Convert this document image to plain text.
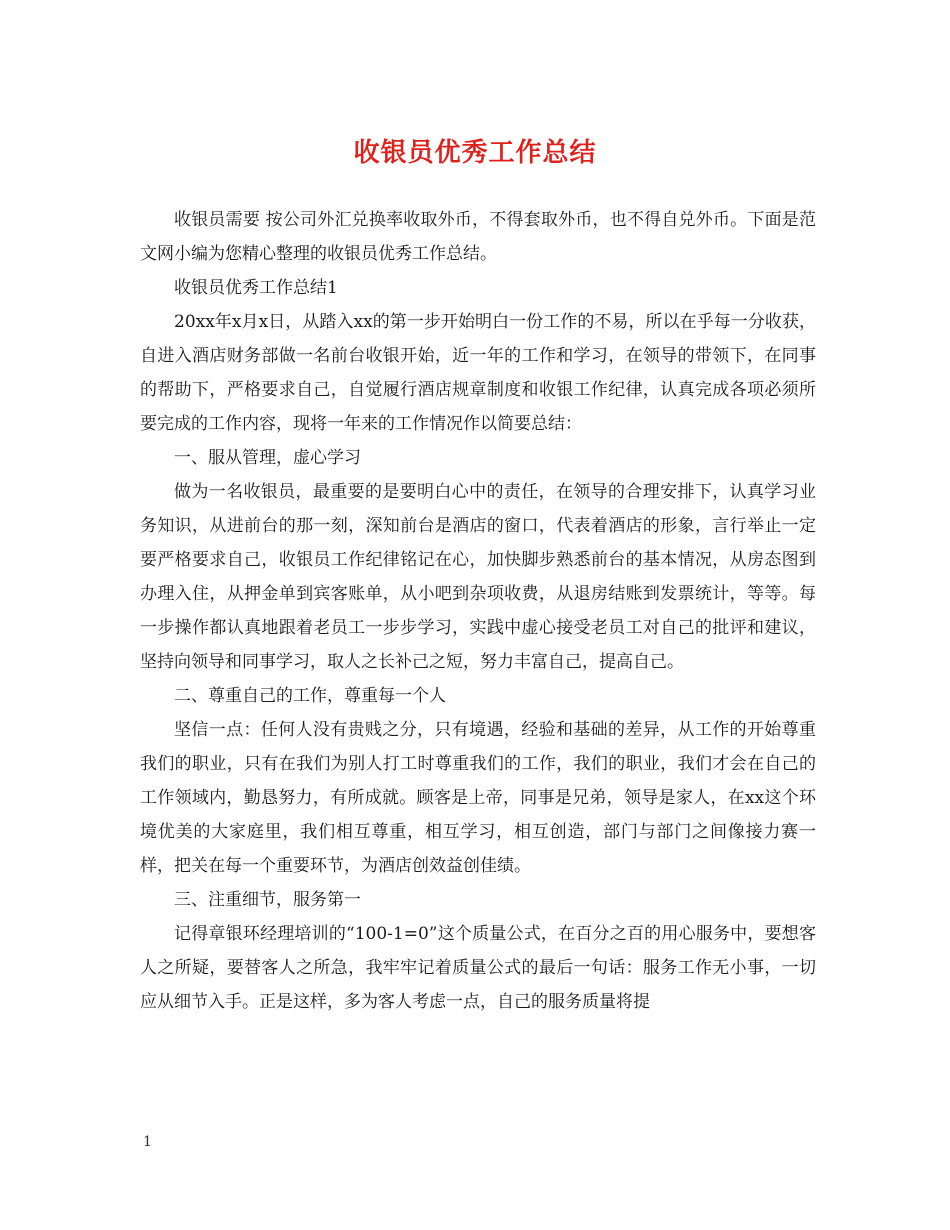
收银员优秀工作总结

收银员需要 按公司外汇兑换率收取外币，不得套取外币，也不得自兑外币。下面是范文网小编为您精心整理的收银员优秀工作总结。

收银员优秀工作总结1

20xx年x月x日，从踏入xx的第一步开始明白一份工作的不易，所以在乎每一分收获，自进入酒店财务部做一名前台收银开始，近一年的工作和学习，在领导的带领下，在同事的帮助下，严格要求自己，自觉履行酒店规章制度和收银工作纪律，认真完成各项必须所要完成的工作内容，现将一年来的工作情况作以简要总结：

一、服从管理，虚心学习

做为一名收银员，最重要的是要明白心中的责任，在领导的合理安排下，认真学习业务知识，从进前台的那一刻，深知前台是酒店的窗口，代表着酒店的形象，言行举止一定要严格要求自己，收银员工作纪律铭记在心，加快脚步熟悉前台的基本情况，从房态图到办理入住，从押金单到宾客账单，从小吧到杂项收费，从退房结账到发票统计，等等。每一步操作都认真地跟着老员工一步步学习，实践中虚心接受老员工对自己的批评和建议，坚持向领导和同事学习，取人之长补己之短，努力丰富自己，提高自己。

二、尊重自己的工作，尊重每一个人

坚信一点：任何人没有贵贱之分，只有境遇，经验和基础的差异，从工作的开始尊重我们的职业，只有在我们为别人打工时尊重我们的工作，我们的职业，我们才会在自己的工作领域内，勤恳努力，有所成就。顾客是上帝，同事是兄弟，领导是家人，在xx这个环境优美的大家庭里，我们相互尊重，相互学习，相互创造，部门与部门之间像接力赛一样，把关在每一个重要环节，为酒店创效益创佳绩。

三、注重细节，服务第一

记得章银环经理培训的“100-1=0”这个质量公式，在百分之百的用心服务中，要想客人之所疑，要替客人之所急，我牢牢记着质量公式的最后一句话：服务工作无小事，一切应从细节入手。正是这样，多为客人考虑一点，自己的服务质量将提

1
